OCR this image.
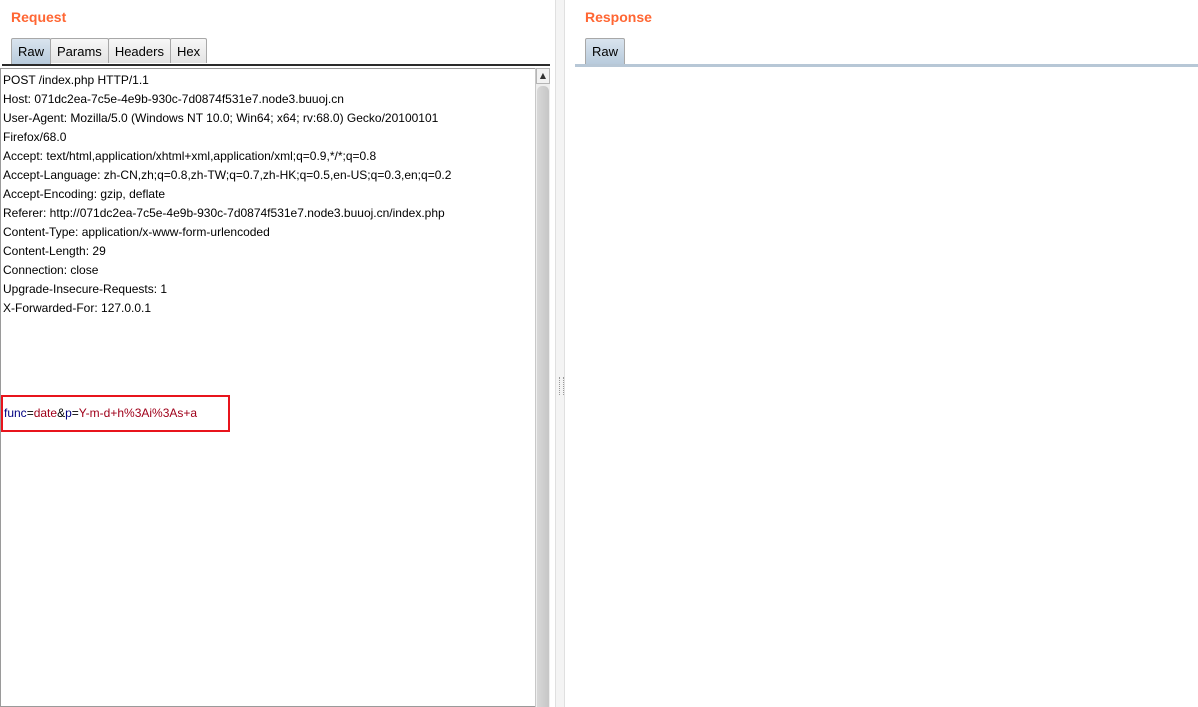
Request
Raw	Params	Headers	Hex
POST /index.php HTTP/1.1
Host: 071dc2ea-7c5e-4e9b-930c-7d0874f531e7.node3.buuoj.cn
User-Agent: Mozilla/5.0 (Windows NT 10.0; Win64; x64; rv:68.0) Gecko/20100101
Firefox/68.0
Accept: text/html,application/xhtml+xml,application/xml;q=0.9,*/*;q=0.8
Accept-Language: zh-CN,zh;q=0.8,zh-TW;q=0.7,zh-HK;q=0.5,en-US;q=0.3,en;q=0.2
Accept-Encoding: gzip, deflate
Referer: http://071dc2ea-7c5e-4e9b-930c-7d0874f531e7.node3.buuoj.cn/index.php
Content-Type: application/x-www-form-urlencoded
Content-Length: 29
Connection: close
Upgrade-Insecure-Requests: 1
X-Forwarded-For: 127.0.0.1
func=date&p=Y-m-d+h%3Ai%3As+a
▲
Response
Raw
